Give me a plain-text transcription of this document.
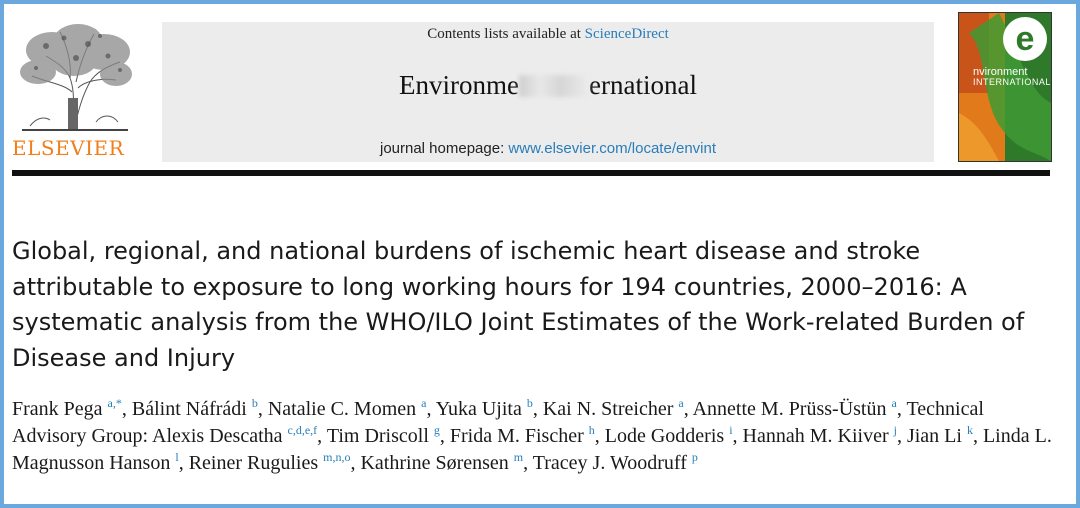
ELSEVIER
Contents lists available at ScienceDirect
Environme	ernational
journal homepage: www.elsevier.com/locate/envint
e
nvironment
INTERNATIONAL
Global, regional, and national burdens of ischemic heart disease and stroke attributable to exposure to long working hours for 194 countries, 2000–2016: A systematic analysis from the WHO/ILO Joint Estimates of the Work-related Burden of Disease and Injury
Frank Pega $^{a,*}$, Bálint Náfrádi $^b$, Natalie C. Momen $^a$, Yuka Ujita $^b$, Kai N. Streicher $^a$, Annette M. Prüss-Üstün $^a$, Technical Advisory Group: Alexis Descatha $^{c,d,e,f}$, Tim Driscoll $^g$, Frida M. Fischer $^h$, Lode Godderis $^i$, Hannah M. Kiiver $^j$, Jian Li $^k$, Linda L. Magnusson Hanson $^l$, Reiner Rugulies $^{m,n,o}$, Kathrine Sørensen $^m$, Tracey J. Woodruff $^p$
